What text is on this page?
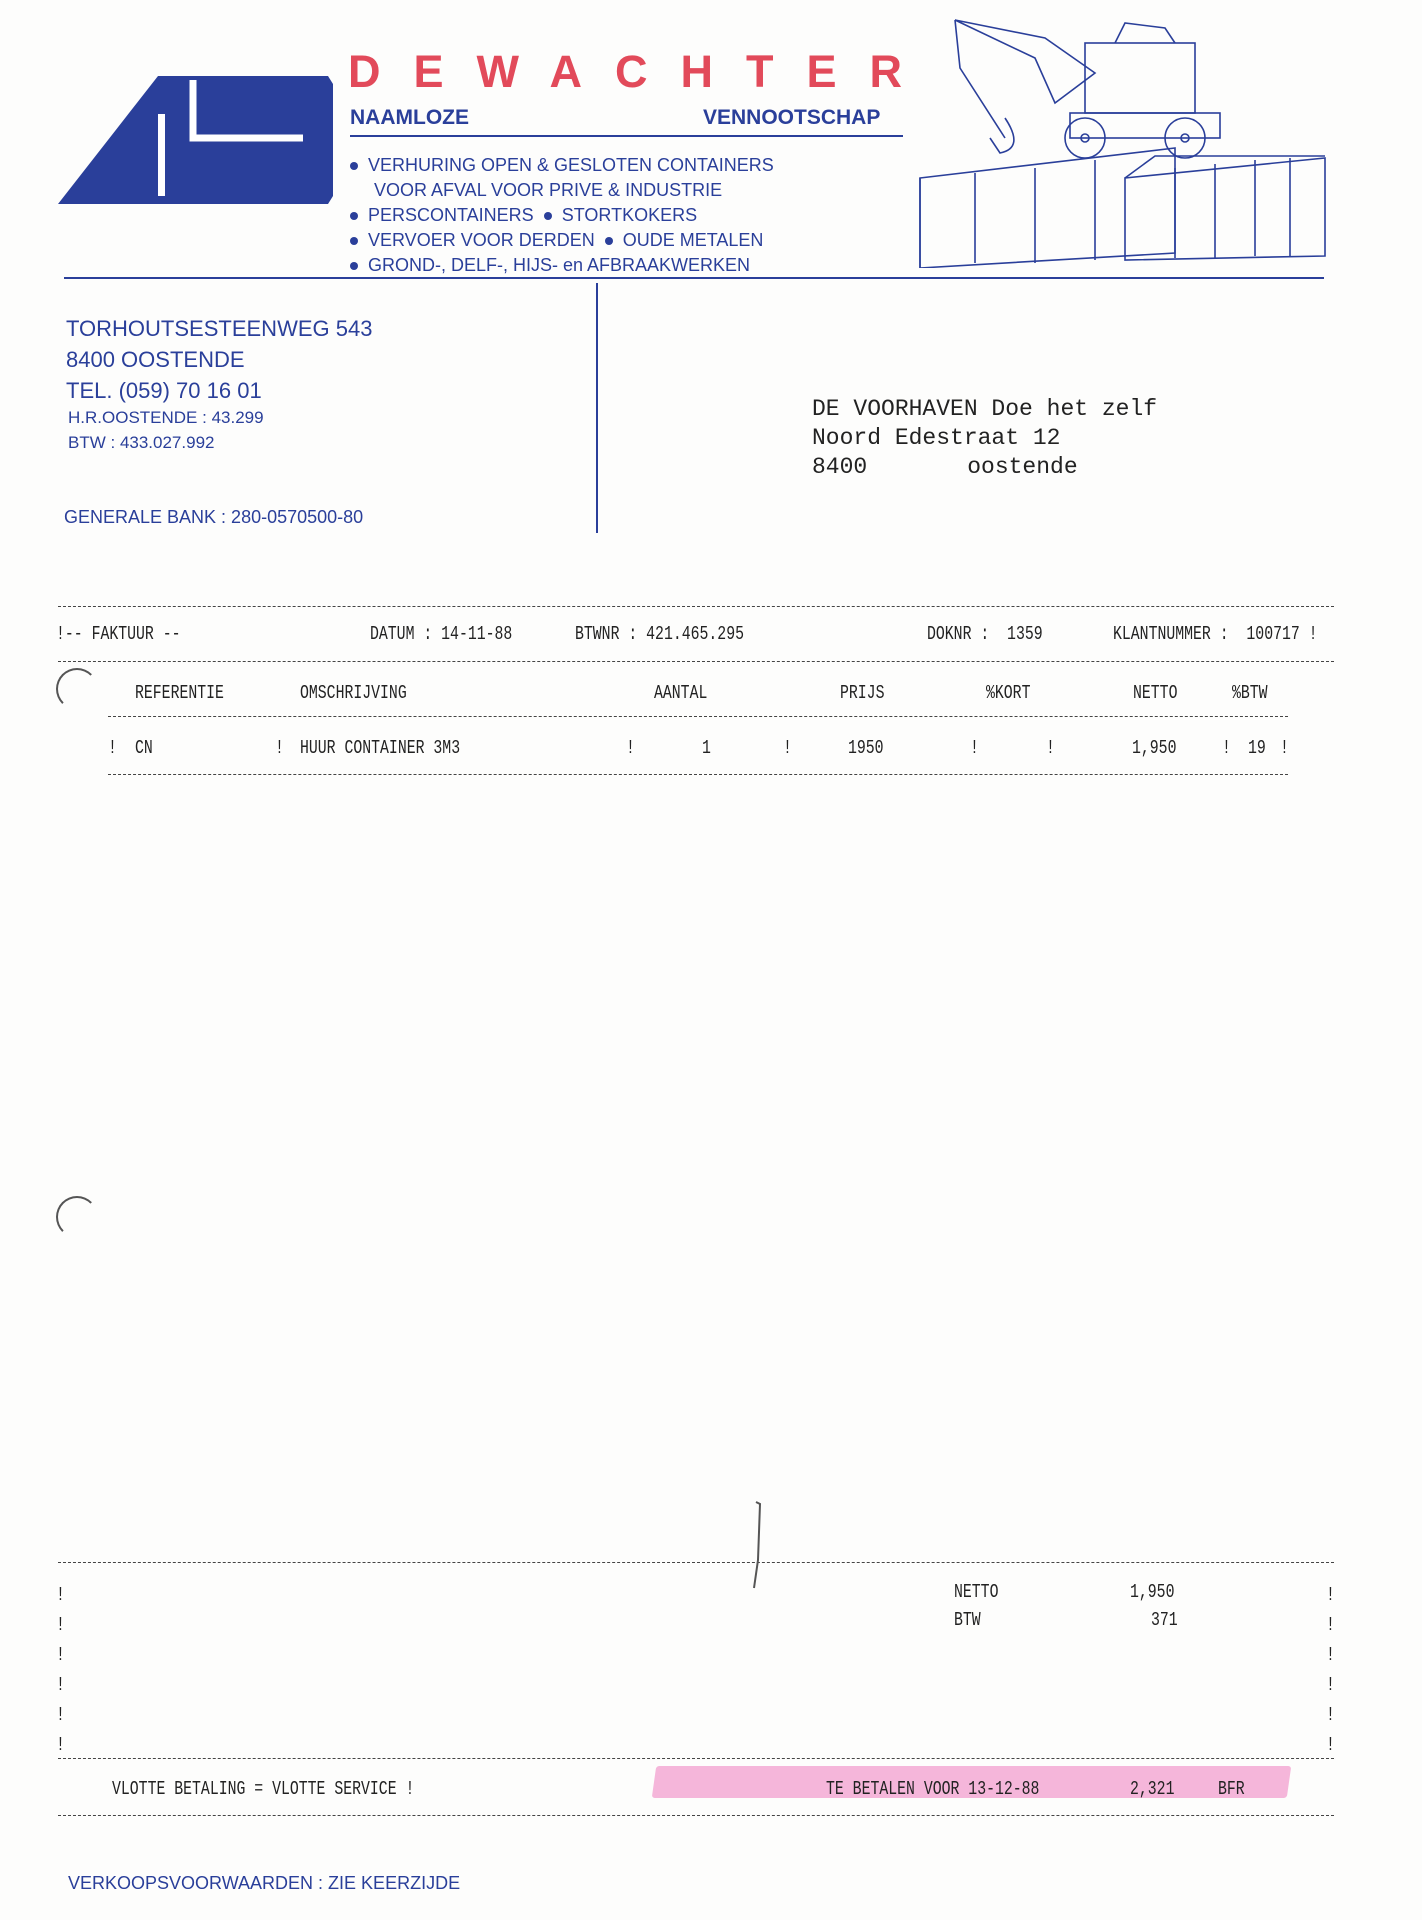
DEWACHTER
NAAMLOZE	VENNOOTSCHAP
VERHURING OPEN & GESLOTEN CONTAINERS
VOOR AFVAL VOOR PRIVE & INDUSTRIE
PERSCONTAINERS STORTKOKERS
VERVOER VOOR DERDEN OUDE METALEN
GROND-, DELF-, HIJS- en AFBRAAKWERKEN
TORHOUTSESTEENWEG 543
8400 OOSTENDE
TEL. (059) 70 16 01
H.R.OOSTENDE : 43.299
BTW : 433.027.992
GENERALE BANK : 280-0570500-80
DE VOORHAVEN Doe het zelf
Noord Edestraat 12
8400	oostende
!-- FAKTUUR --	DATUM : 14-11-88	BTWNR : 421.465.295	DOKNR : 1359	KLANTNUMMER : 100717 !
REFERENTIE	OMSCHRIJVING	AANTAL	PRIJS	%KORT	NETTO	%BTW
! CN	! HUUR CONTAINER 3M3	!	1	!	1950	!	!	1,950 ! 19 !
NETTO	1,950
BTW	371
VLOTTE BETALING = VLOTTE SERVICE !	TE BETALEN VOOR 13-12-88	2,321 BFR
!
!
!
!
!
!

!
!
!
!
!
!

VERKOOPSVOORWAARDEN : ZIE KEERZIJDE
